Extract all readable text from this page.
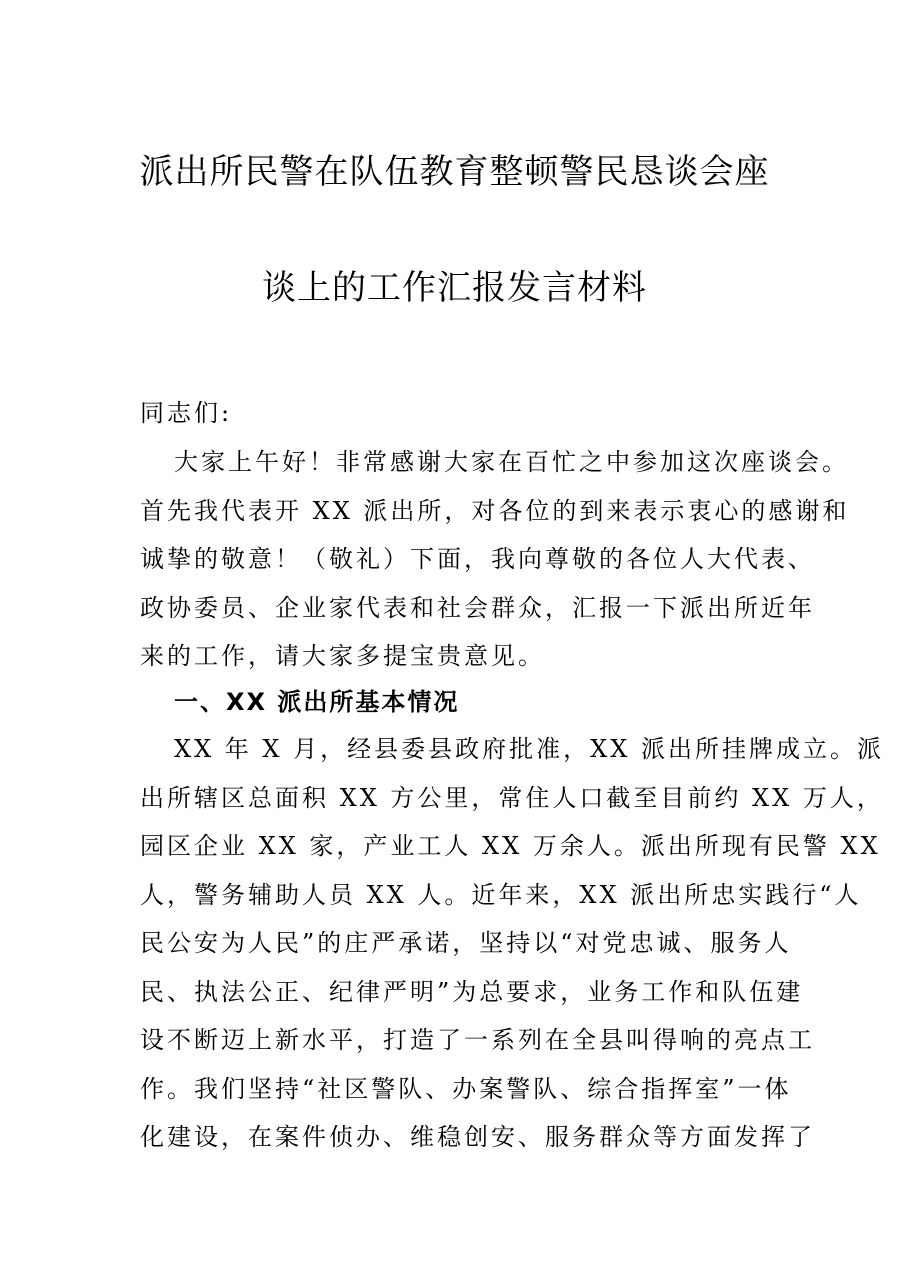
派出所民警在队伍教育整顿警民恳谈会座
谈上的工作汇报发言材料
同志们:
大家上午好！非常感谢大家在百忙之中参加这次座谈会。
首先我代表开 XX 派出所，对各位的到来表示衷心的感谢和
诚挚的敬意！（敬礼）下面，我向尊敬的各位人大代表、
政协委员、企业家代表和社会群众，汇报一下派出所近年
来的工作，请大家多提宝贵意见。
一、XX 派出所基本情况
XX 年 X 月，经县委县政府批准，XX 派出所挂牌成立。派
出所辖区总面积 XX 方公里，常住人口截至目前约 XX 万人，
园区企业 XX 家，产业工人 XX 万余人。派出所现有民警 XX
人，警务辅助人员 XX 人。近年来，XX 派出所忠实践行“人
民公安为人民”的庄严承诺，坚持以“对党忠诚、服务人
民、执法公正、纪律严明”为总要求，业务工作和队伍建
设不断迈上新水平，打造了一系列在全县叫得响的亮点工
作。我们坚持“社区警队、办案警队、综合指挥室”一体
化建设，在案件侦办、维稳创安、服务群众等方面发挥了
